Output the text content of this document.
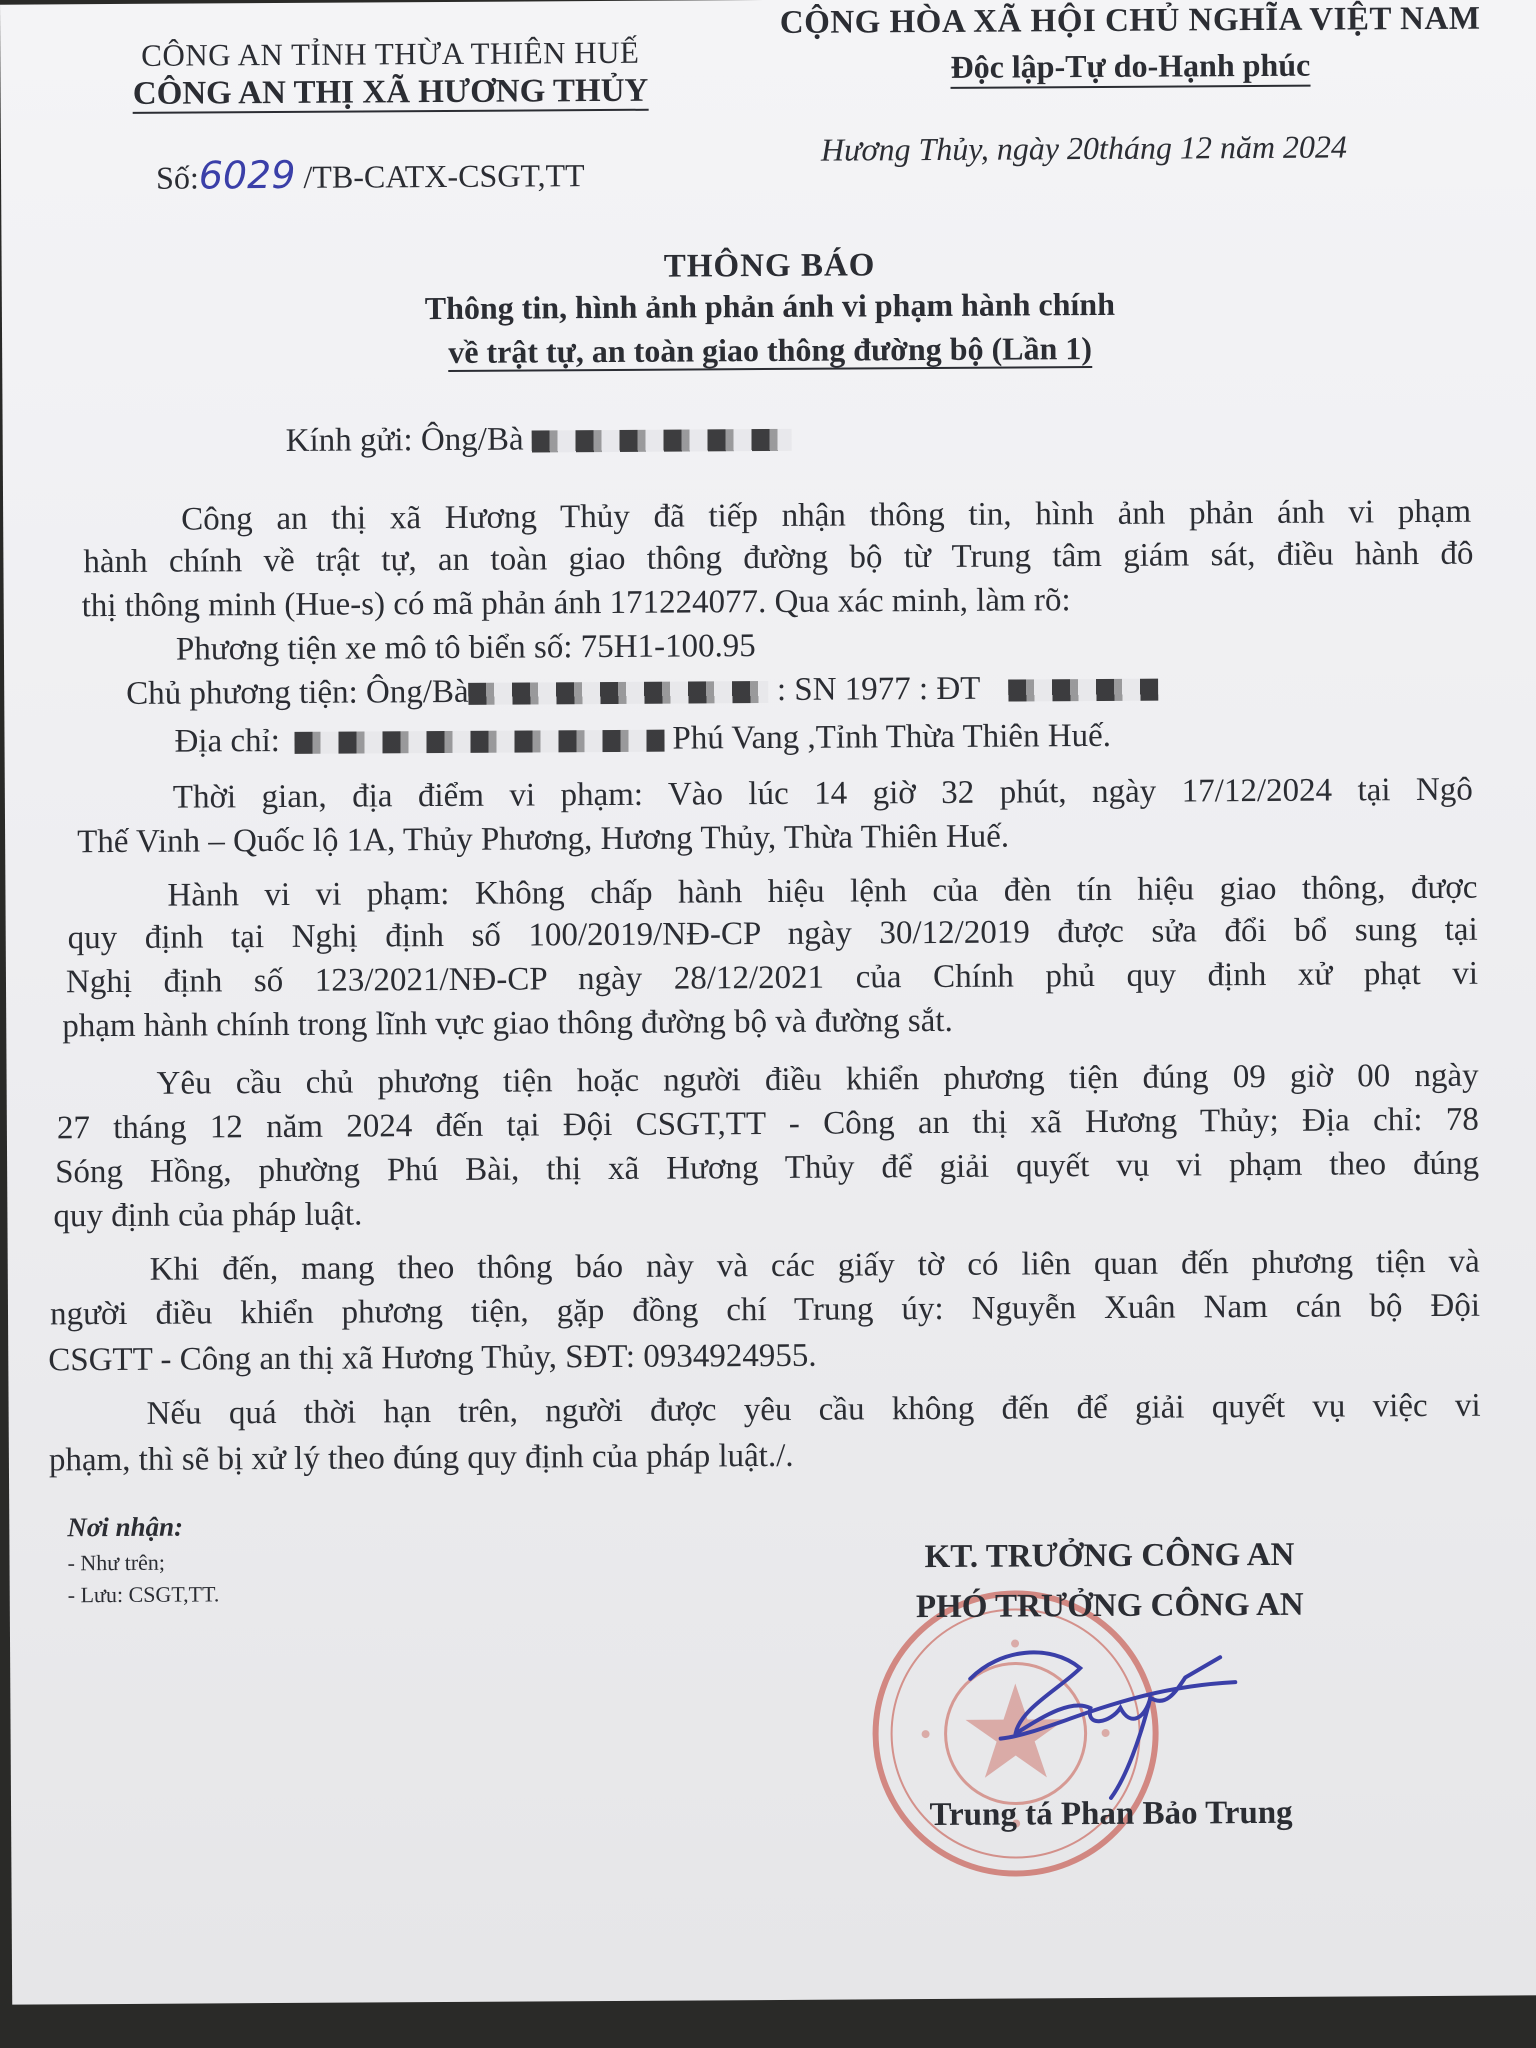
CÔNG AN TỈNH THỪA THIÊN HUẾ
CÔNG AN THỊ XÃ HƯƠNG THỦY
Số:6029 /TB-CATX-CSGT,TT
CỘNG HÒA XÃ HỘI CHỦ NGHĨA VIỆT NAM
Độc lập-Tự do-Hạnh phúc
Hương Thủy, ngày 20tháng 12 năm 2024
THÔNG BÁO
Thông tin, hình ảnh phản ánh vi phạm hành chính
về trật tự, an toàn giao thông đường bộ (Lần 1)
Kính gửi: Ông/Bà
Công an thị xã Hương Thủy đã tiếp nhận thông tin, hình ảnh phản ánh vi phạm
hành chính về trật tự, an toàn giao thông đường bộ từ Trung tâm giám sát, điều hành đô
thị thông minh (Hue-s) có mã phản ánh 171224077. Qua xác minh, làm rõ:
Phương tiện xe mô tô biển số: 75H1-100.95
Chủ phương tiện: Ông/Bà	: SN 1977 : ĐT
Địa chỉ:	Phú Vang ,Tỉnh Thừa Thiên Huế.
Thời gian, địa điểm vi phạm: Vào lúc 14 giờ 32 phút, ngày 17/12/2024 tại Ngô
Thế Vinh – Quốc lộ 1A, Thủy Phương, Hương Thủy, Thừa Thiên Huế.
Hành vi vi phạm: Không chấp hành hiệu lệnh của đèn tín hiệu giao thông, được
quy định tại Nghị định số 100/2019/NĐ-CP ngày 30/12/2019 được sửa đổi bổ sung tại
Nghị định số 123/2021/NĐ-CP ngày 28/12/2021 của Chính phủ quy định xử phạt vi
phạm hành chính trong lĩnh vực giao thông đường bộ và đường sắt.
Yêu cầu chủ phương tiện hoặc người điều khiển phương tiện đúng 09 giờ 00 ngày
27 tháng 12 năm 2024 đến tại Đội CSGT,TT - Công an thị xã Hương Thủy; Địa chỉ: 78
Sóng Hồng, phường Phú Bài, thị xã Hương Thủy để giải quyết vụ vi phạm theo đúng
quy định của pháp luật.
Khi đến, mang theo thông báo này và các giấy tờ có liên quan đến phương tiện và
người điều khiển phương tiện, gặp đồng chí Trung úy: Nguyễn Xuân Nam cán bộ Đội
CSGTT - Công an thị xã Hương Thủy, SĐT: 0934924955.
Nếu quá thời hạn trên, người được yêu cầu không đến để giải quyết vụ việc vi
phạm, thì sẽ bị xử lý theo đúng quy định của pháp luật./.
Nơi nhận:
- Như trên;
- Lưu: CSGT,TT.
KT. TRƯỞNG CÔNG AN
PHÓ TRƯỞNG CÔNG AN
Trung tá Phan Bảo Trung
